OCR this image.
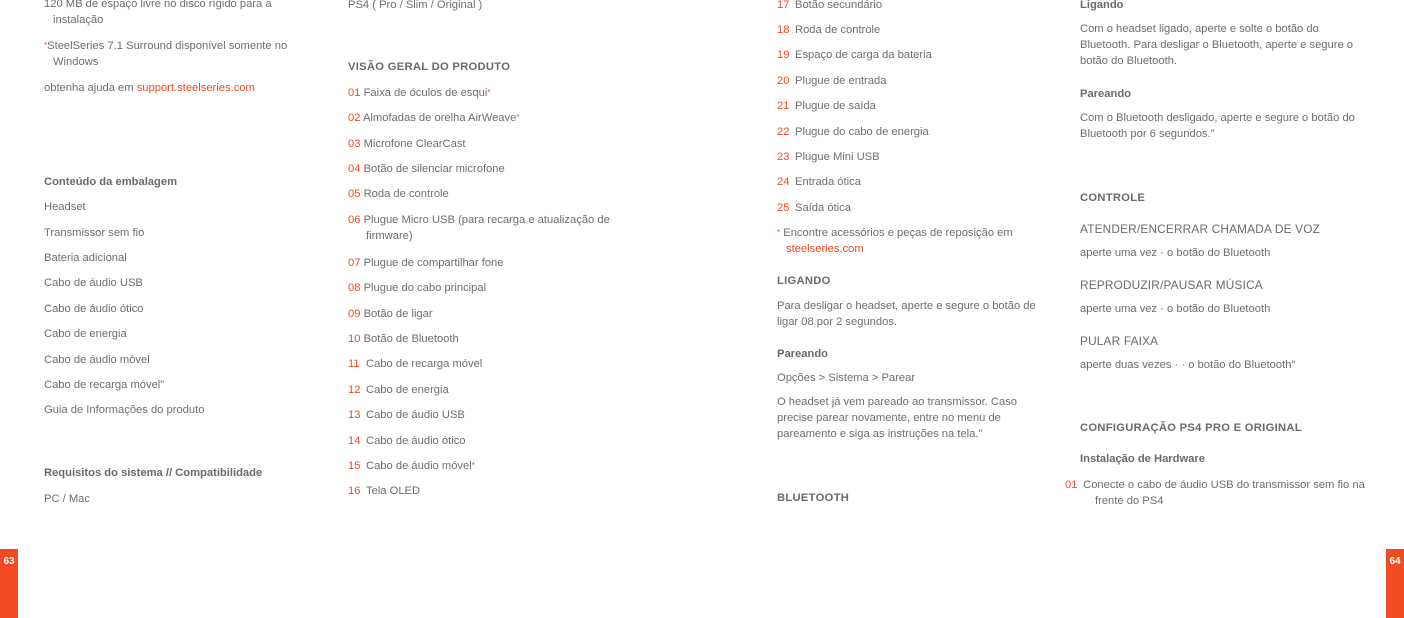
120 MB de espaço livre no disco rígido para a instalação
*SteelSeries 7.1 Surround disponível somente no Windows
obtenha ajuda em support.steelseries.com
Conteúdo da embalagem
Headset
Transmissor sem fio
Bateria adicional
Cabo de áudio USB
Cabo de áudio ótico
Cabo de energia
Cabo de áudio móvel
Cabo de recarga móvel”
Guia de Informações do produto
Requisitos do sistema // Compatibilidade
PC / Mac
PS4 ( Pro / Slim / Original )
VISÃO GERAL DO PRODUTO
01 Faixa de óculos de esqui*
02 Almofadas de orelha AirWeave*
03 Microfone ClearCast
04 Botão de silenciar microfone
05 Roda de controle
06 Plugue Micro USB (para recarga e atualização de firmware)
07 Plugue de compartilhar fone
08 Plugue do cabo principal
09 Botão de ligar
10 Botão de Bluetooth
11 Cabo de recarga móvel
12 Cabo de energia
13 Cabo de áudio USB
14 Cabo de áudio ótico
15 Cabo de áudio móvel*
16 Tela OLED
17 Botão secundário
18 Roda de controle
19 Espaço de carga da bateria
20 Plugue de entrada
21 Plugue de saída
22 Plugue do cabo de energia
23 Plugue Mini USB
24 Entrada ótica
25 Saída ótica
* Encontre acessórios e peças de reposição em
steelseries.com
LIGANDO
Para desligar o headset, aperte e segure o botão de ligar 08 por 2 segundos.
Pareando
Opções > Sistema > Parear
O headset já vem pareado ao transmissor. Caso precise parear novamente, entre no menu de pareamento e siga as instruções na tela.”
BLUETOOTH
Ligando
Com o headset ligado, aperte e solte o botão do Bluetooth. Para desligar o Bluetooth, aperte e segure o botão do Bluetooth.
Pareando
Com o Bluetooth desligado, aperte e segure o botão do Bluetooth por 6 segundos.”
CONTROLE
ATENDER/ENCERRAR CHAMADA DE VOZ
aperte uma vez · o botão do Bluetooth
REPRODUZIR/PAUSAR MÚSICA
aperte uma vez · o botão do Bluetooth
PULAR FAIXA
aperte duas vezes · · o botão do Bluetooth”
CONFIGURAÇÃO PS4 PRO E ORIGINAL
Instalação de Hardware
01 Conecte o cabo de áudio USB do transmissor sem fio na frente do PS4
63	64
